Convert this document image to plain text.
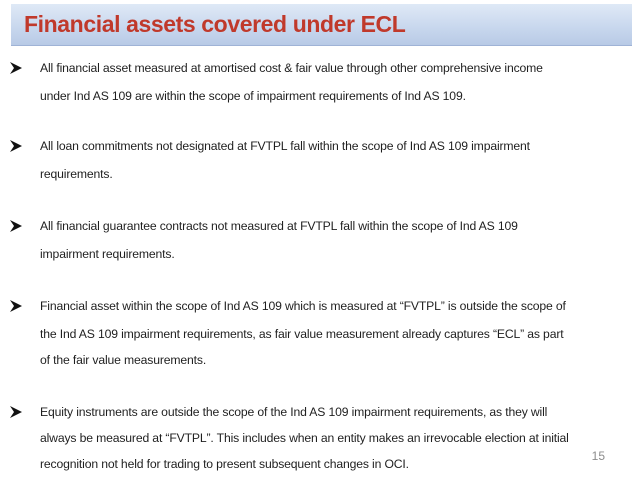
Financial assets covered under ECL
All financial asset measured at amortised cost & fair value through other comprehensive income
under Ind AS 109 are within the scope of impairment requirements of Ind AS 109.
All loan commitments not designated at FVTPL fall within the scope of Ind AS 109 impairment
requirements.
All financial guarantee contracts not measured at FVTPL fall within the scope of Ind AS 109
impairment requirements.
Financial asset within the scope of Ind AS 109 which is measured at “FVTPL” is outside the scope of
the Ind AS 109 impairment requirements, as fair value measurement already captures “ECL” as part
of the fair value measurements.
Equity instruments are outside the scope of the Ind AS 109 impairment requirements, as they will
always be measured at “FVTPL”. This includes when an entity makes an irrevocable election at initial
recognition not held for trading to present subsequent changes in OCI.
15
